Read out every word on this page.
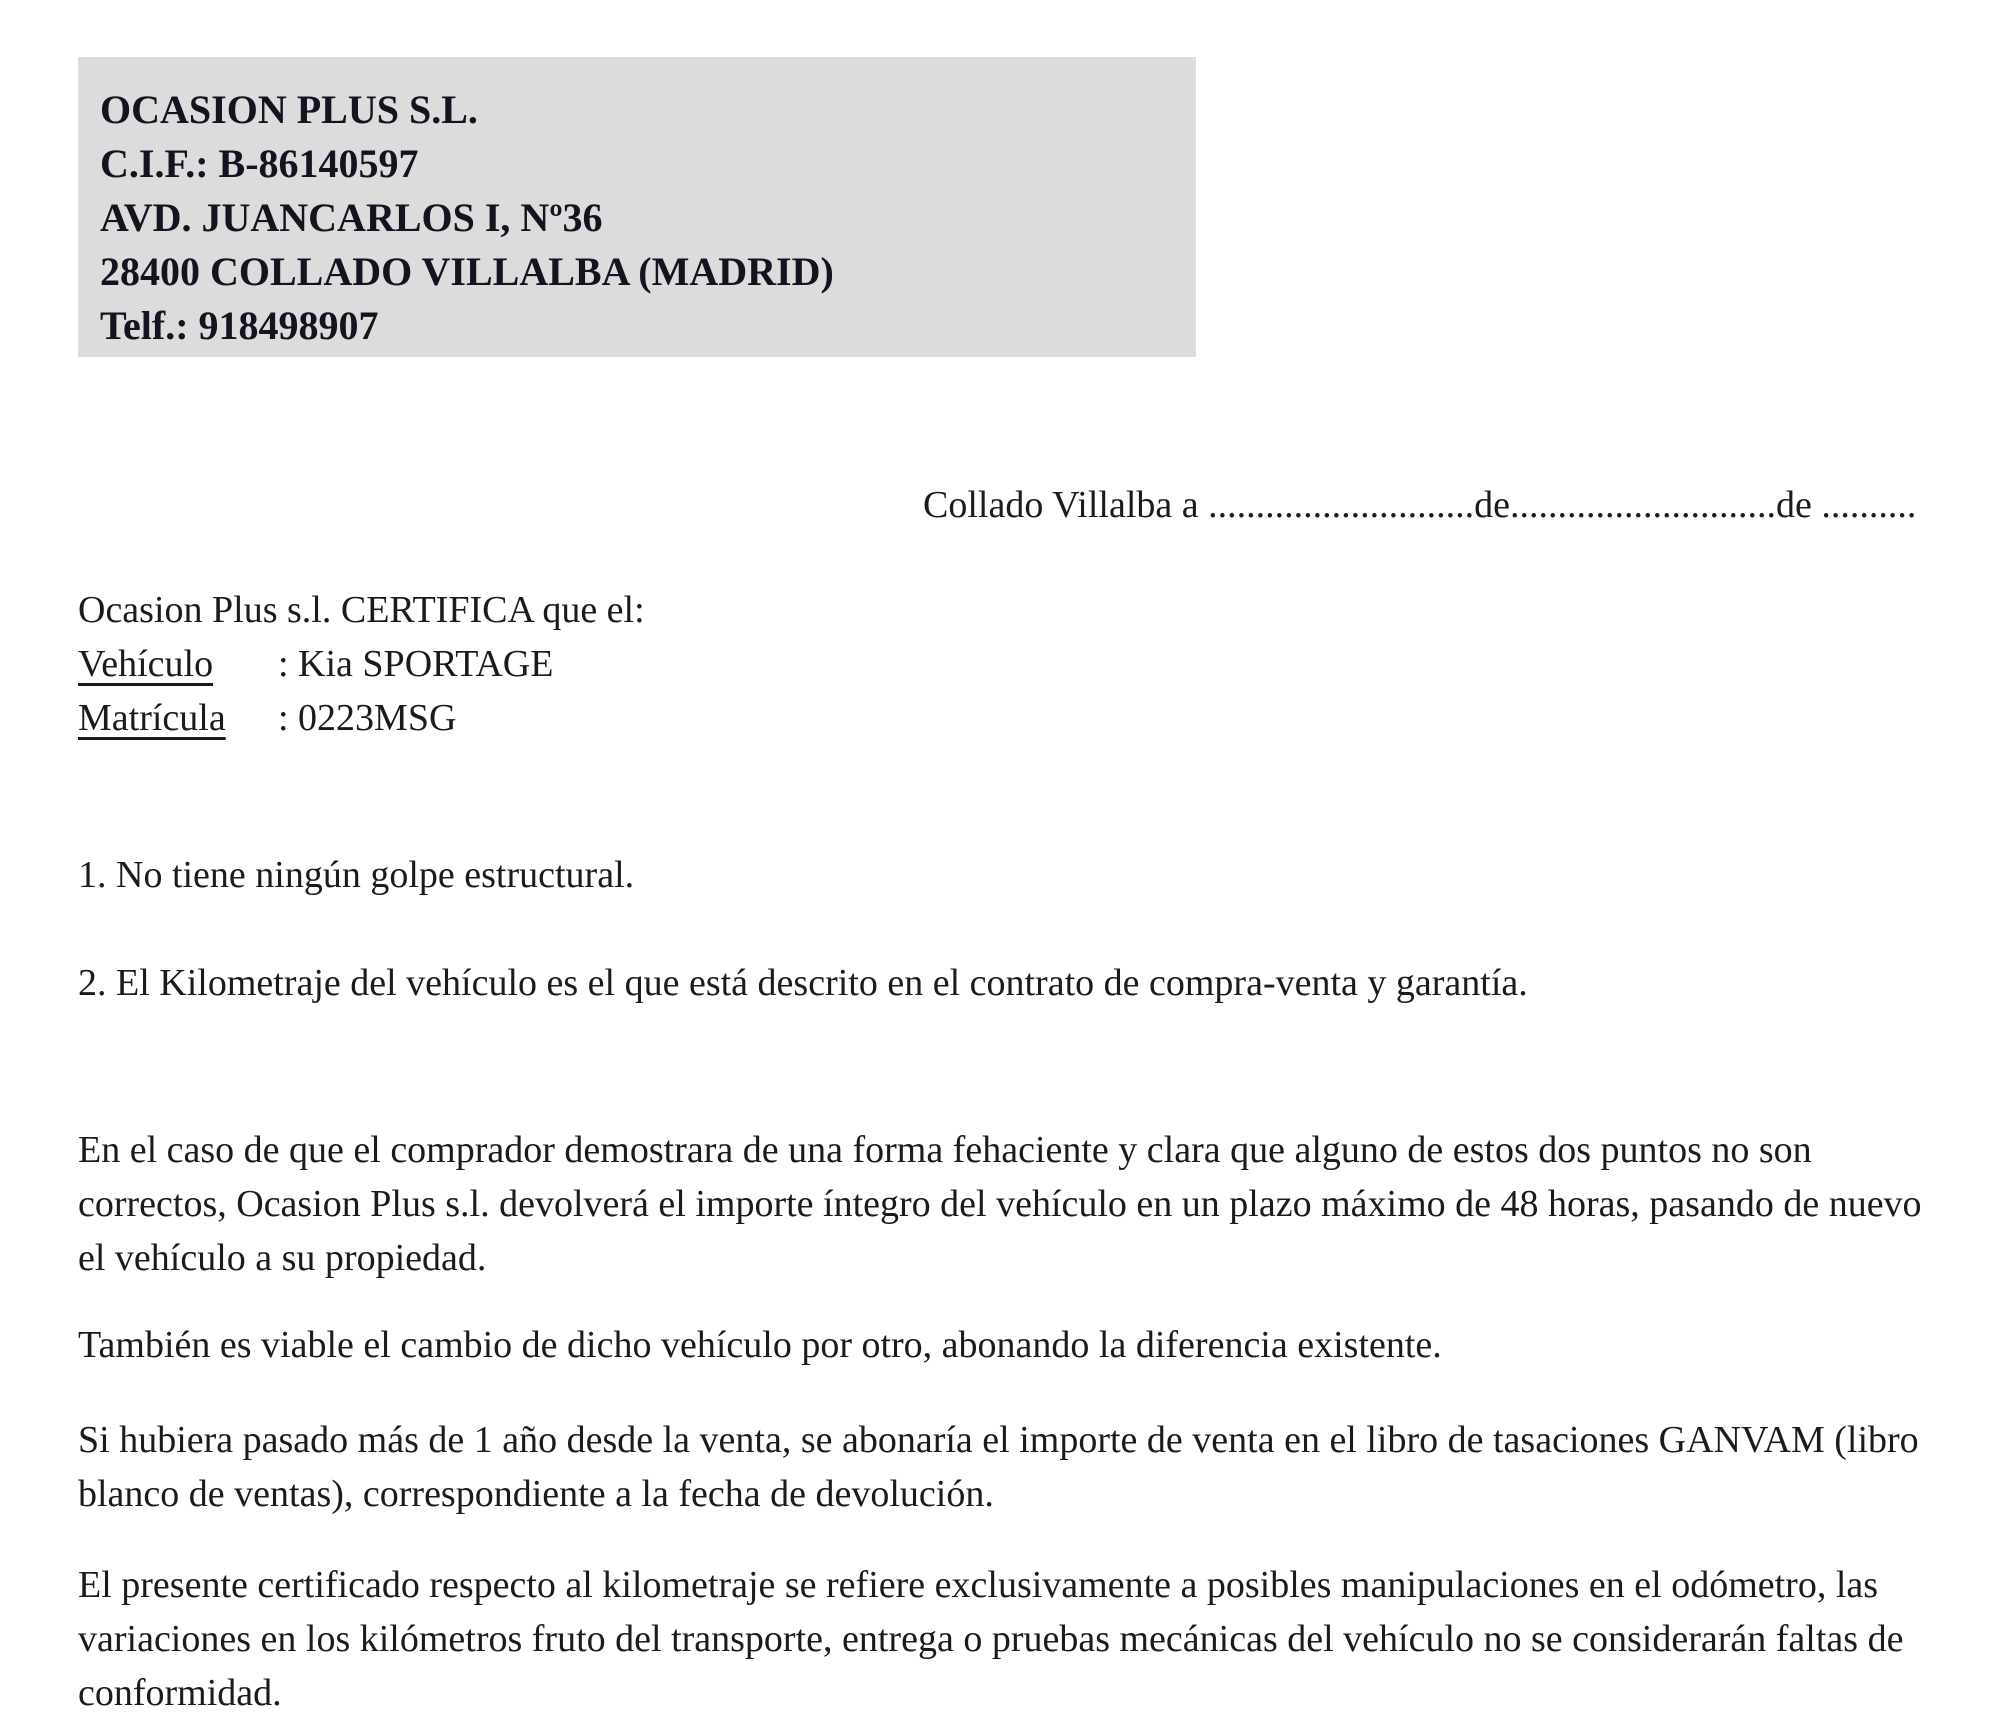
OCASION PLUS S.L.
C.I.F.: B-86140597
AVD. JUANCARLOS I, Nº36
28400 COLLADO VILLALBA (MADRID)
Telf.: 918498907
Collado Villalba a ............................de............................de ..........
Ocasion Plus s.l. CERTIFICA que el:
Vehículo : Kia SPORTAGE
Matrícula : 0223MSG
1. No tiene ningún golpe estructural.
2. El Kilometraje del vehículo es el que está descrito en el contrato de compra-venta y garantía.
En el caso de que el comprador demostrara de una forma fehaciente y clara que alguno de estos dos puntos no son correctos, Ocasion Plus s.l. devolverá el importe íntegro del vehículo en un plazo máximo de 48 horas, pasando de nuevo el vehículo a su propiedad.
También es viable el cambio de dicho vehículo por otro, abonando la diferencia existente.
Si hubiera pasado más de 1 año desde la venta, se abonaría el importe de venta en el libro de tasaciones GANVAM (libro blanco de ventas), correspondiente a la fecha de devolución.
El presente certificado respecto al kilometraje se refiere exclusivamente a posibles manipulaciones en el odómetro, las variaciones en los kilómetros fruto del transporte, entrega o pruebas mecánicas del vehículo no se considerarán faltas de conformidad.
